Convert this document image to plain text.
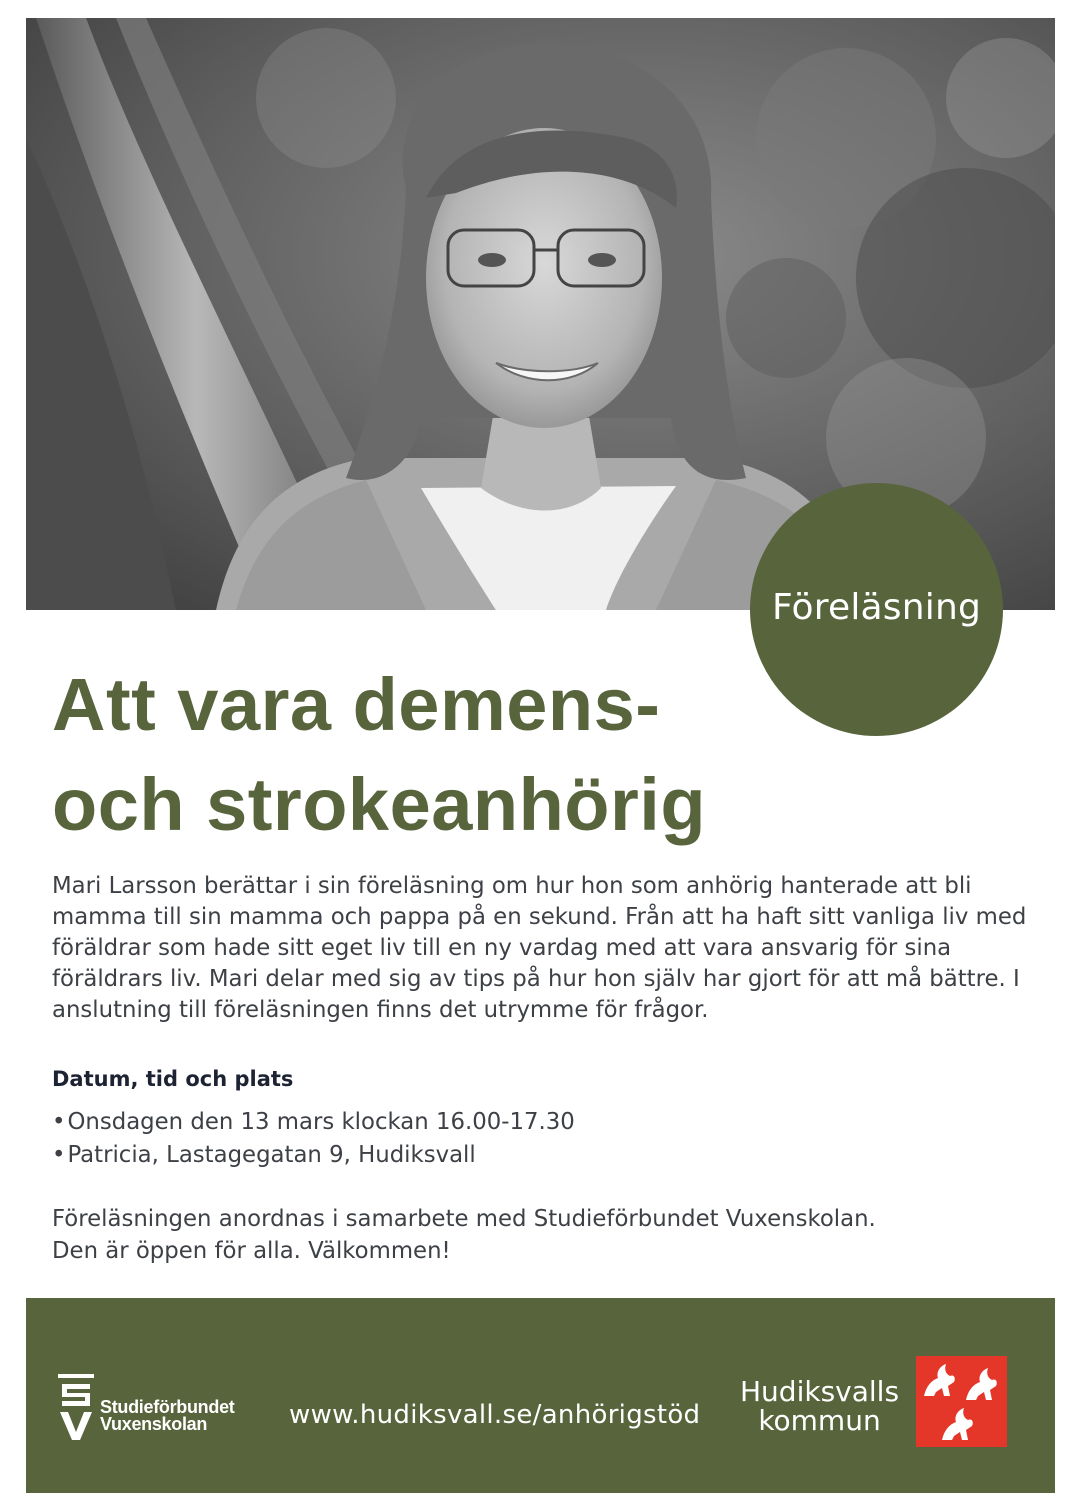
Föreläsning
Att vara demens-
och strokeanhörig

Mari Larsson berättar i sin föreläsning om hur hon som anhörig hanterade att bli mamma till sin mamma och pappa på en sekund. Från att ha haft sitt vanliga liv med föräldrar som hade sitt eget liv till en ny vardag med att vara ansvarig för sina föräldrars liv. Mari delar med sig av tips på hur hon själv har gjort för att må bättre. I anslutning till föreläsningen finns det utrymme för frågor.

Datum, tid och plats
• Onsdagen den 13 mars klockan 16.00-17.30
• Patricia, Lastagegatan 9, Hudiksvall

Föreläsningen anordnas i samarbete med Studieförbundet Vuxenskolan.
Den är öppen för alla. Välkommen!

Studieförbundet
Vuxenskolan	www.hudiksvall.se/anhörigstöd
Hudiksvalls
kommun
